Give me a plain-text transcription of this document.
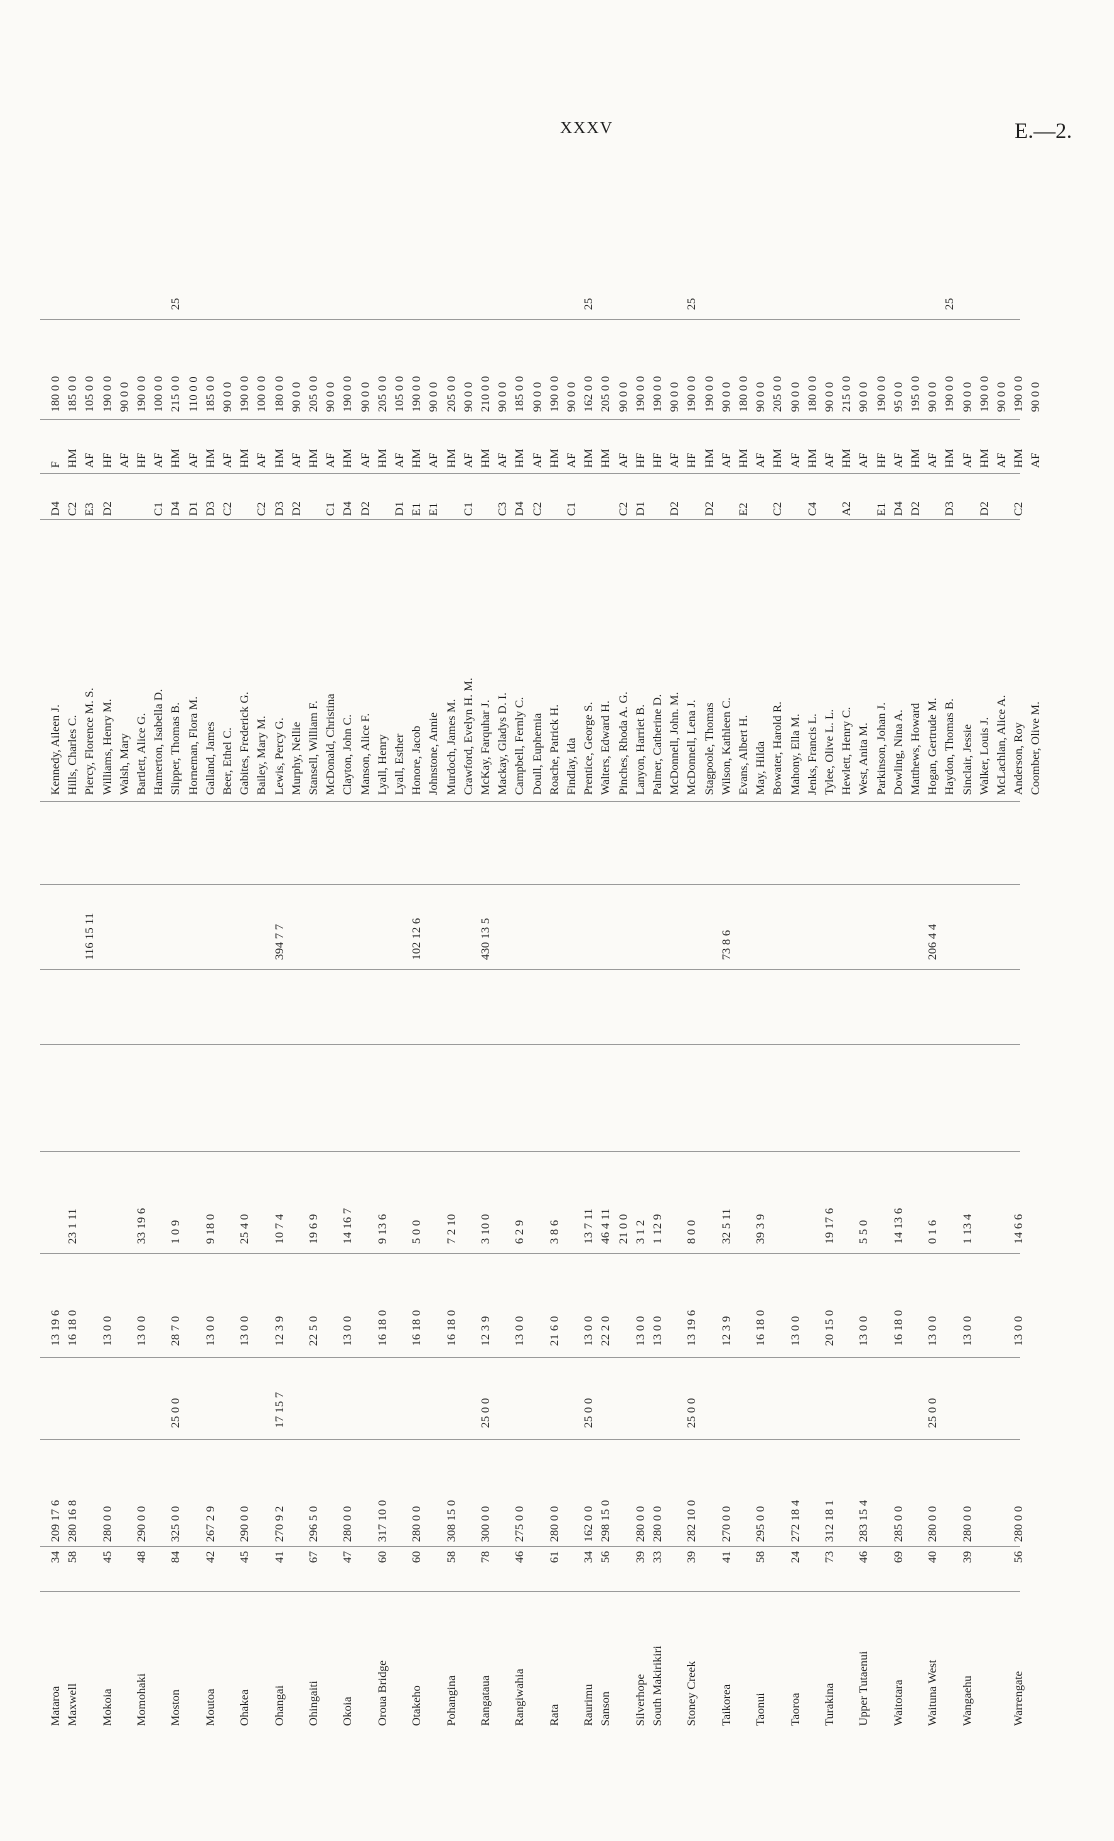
XXXV	E.—2.
Mataroa
34
209 17 6
13 19 6
Kennedy, Aileen J.
D4
F
180 0 0
Maxwell
58
280 16 8
16 18 0
23 1 11
Hills, Charles C.
C2
HM
185 0 0
116 15 11
Piercy, Florence M. S.
E3
AF
105 0 0
Mokoia
45
280 0 0
13 0 0
Williams, Henry M.
D2
HF
190 0 0
Walsh, Mary
AF
90 0 0
Momohaki
48
290 0 0
13 0 0
33 19 6
Bartlett, Alice G.
HF
190 0 0
Hamerton, Isabella D.
C1
AF
100 0 0
Moston
84
325 0 0
25 0 0
28 7 0
1 0 9
Slipper, Thomas B.
D4
HM
215 0 0
25
Horneman, Flora M.
D1
AF
110 0 0
Moutoa
42
267 2 9
13 0 0
9 18 0
Galland, James
D3
HM
185 0 0
Beer, Ethel C.
C2
AF
90 0 0
Ohakea
45
290 0 0
13 0 0
25 4 0
Gabites, Frederick G.
HM
190 0 0
Bailey, Mary M.
C2
AF
100 0 0
Ohangai
41
270 9 2
17 15 7
12 3 9
10 7 4
394 7 7
Lewis, Percy G.
D3
HM
180 0 0
Murphy, Nellie
D2
AF
90 0 0
Ohingaiti
67
296 5 0
22 5 0
19 6 9
Stansell, William F.
HM
205 0 0
McDonald, Christina
C1
AF
90 0 0
Okoia
47
280 0 0
13 0 0
14 16 7
Clayton, John C.
D4
HM
190 0 0
Manson, Alice F.
D2
AF
90 0 0
Oroua Bridge
60
317 10 0
16 18 0
9 13 6
Lyall, Henry
HM
205 0 0
Lyall, Esther
D1
AF
105 0 0
Otakeho
60
280 0 0
16 18 0
5 0 0
102 12 6
Honore, Jacob
E1
HM
190 0 0
Johnstone, Annie
E1
AF
90 0 0
Pohangina
58
308 15 0
16 18 0
7 2 10
Murdoch, James M.
HM
205 0 0
Crawford, Evelyn H. M.
C1
AF
90 0 0
Rangataua
78
300 0 0
25 0 0
12 3 9
3 10 0
430 13 5
McKay, Farquhar J.
HM
210 0 0
Mackay, Gladys D. I.
C3
AF
90 0 0
Rangiwahia
46
275 0 0
13 0 0
6 2 9
Campbell, Fernly C.
D4
HM
185 0 0
Doull, Euphemia
C2
AF
90 0 0
Rata
61
280 0 0
21 6 0
3 8 6
Roache, Patrick H.
HM
190 0 0
Findlay, Ida
C1
AF
90 0 0
Raurimu
34
162 0 0
25 0 0
13 0 0
13 7 11
Prentice, George S.
HM
162 0 0
25
Sanson
56
298 15 0
22 2 0
46 4 11
Walters, Edward H.
HM
205 0 0
21 0 0
Pinches, Rhoda A. G.
C2
AF
90 0 0
Silverhope
39
280 0 0
13 0 0
3 1 2
Lanyon, Harriet B.
D1
HF
190 0 0
South Makirikiri
33
280 0 0
13 0 0
1 12 9
Palmer, Catherine D.
HF
190 0 0
McDonnell, John. M.
D2
AF
90 0 0
Stoney Creek
39
282 10 0
25 0 0
13 19 6
8 0 0
McDonnell, Lena J.
HF
190 0 0
25
Stagpoole, Thomas
D2
HM
190 0 0
Taikorea
41
270 0 0
12 3 9
32 5 11
73 8 6
Wilson, Kathleen C.
AF
90 0 0
Evans, Albert H.
E2
HM
180 0 0
Taonui
58
295 0 0
16 18 0
39 3 9
May, Hilda
AF
90 0 0
Bowater, Harold R.
C2
HM
205 0 0
Taoroa
24
272 18 4
13 0 0
Mahony, Ella M.
AF
90 0 0
Jenks, Francis L.
C4
HM
180 0 0
Turakina
73
312 18 1
20 15 0
19 17 6
Tylee, Olive L. L.
AF
90 0 0
Hewlett, Henry C.
A2
HM
215 0 0
Upper Tutaenui
46
283 15 4
13 0 0
5 5 0
West, Anita M.
AF
90 0 0
Parkinson, Johan J.
E1
HF
190 0 0
Waitotara
69
285 0 0
16 18 0
14 13 6
Dowling, Nina A.
D4
AF
95 0 0
Matthews, Howard
D2
HM
195 0 0
Waituna West
40
280 0 0
25 0 0
13 0 0
0 1 6
206 4 4
Hogan, Gertrude M.
AF
90 0 0
Haydon, Thomas B.
D3
HM
190 0 0
25
Wangaehu
39
280 0 0
13 0 0
1 13 4
Sinclair, Jessie
AF
90 0 0
Walker, Louis J.
D2
HM
190 0 0
McLachlan, Alice A.
AF
90 0 0
Warrengate
56
280 0 0
13 0 0
14 6 6
Anderson, Roy
C2
HM
190 0 0
Coomber, Olive M.
AF
90 0 0
